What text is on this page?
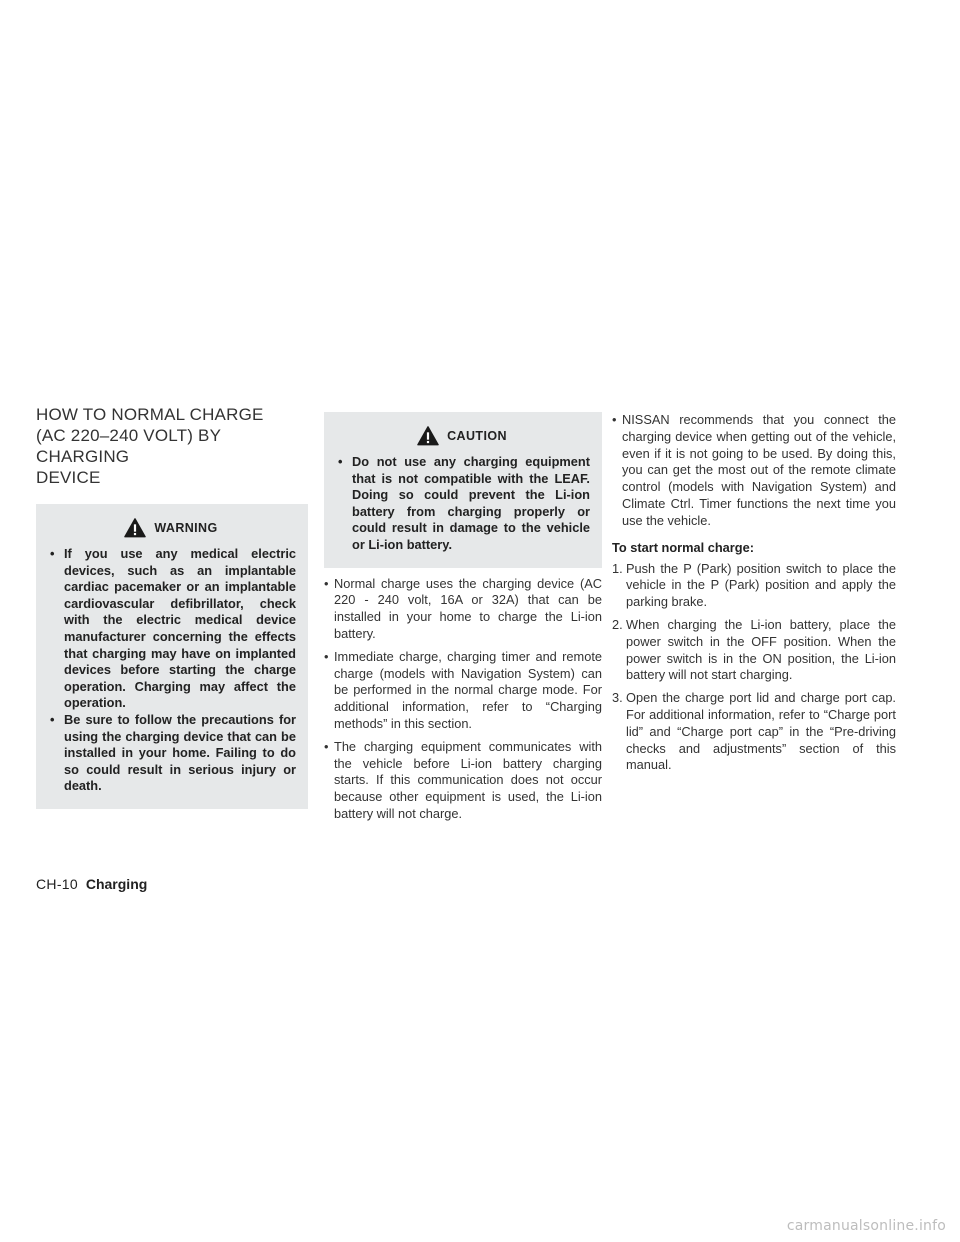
HOW TO NORMAL CHARGE
(AC 220–240 VOLT) BY CHARGING
DEVICE
WARNING
• If you use any medical electric devices, such as an implantable cardiac pacemaker or an implantable cardiovascular defibrillator, check with the electric medical device manufacturer concerning the effects that charging may have on implanted devices before starting the charge operation. Charging may affect the operation.
• Be sure to follow the precautions for using the charging device that can be installed in your home. Failing to do so could result in serious injury or death.
CAUTION
• Do not use any charging equipment that is not compatible with the LEAF. Doing so could prevent the Li-ion battery from charging properly or could result in damage to the vehicle or Li-ion battery.
• Normal charge uses the charging device (AC 220 - 240 volt, 16A or 32A) that can be installed in your home to charge the Li-ion battery.
• Immediate charge, charging timer and remote charge (models with Navigation System) can be performed in the normal charge mode. For additional information, refer to “Charging methods” in this section.
• The charging equipment communicates with the vehicle before Li-ion battery charging starts. If this communication does not occur because other equipment is used, the Li-ion battery will not charge.
• NISSAN recommends that you connect the charging device when getting out of the vehicle, even if it is not going to be used. By doing this, you can get the most out of the remote climate control (models with Navigation System) and Climate Ctrl. Timer functions the next time you use the vehicle.
To start normal charge:
1. Push the P (Park) position switch to place the vehicle in the P (Park) position and apply the parking brake.
2. When charging the Li-ion battery, place the power switch in the OFF position. When the power switch is in the ON position, the Li-ion battery will not start charging.
3. Open the charge port lid and charge port cap. For additional information, refer to “Charge port lid” and “Charge port cap” in the “Pre-driving checks and adjustments” section of this manual.
CH-10 Charging
carmanualsonline.info
